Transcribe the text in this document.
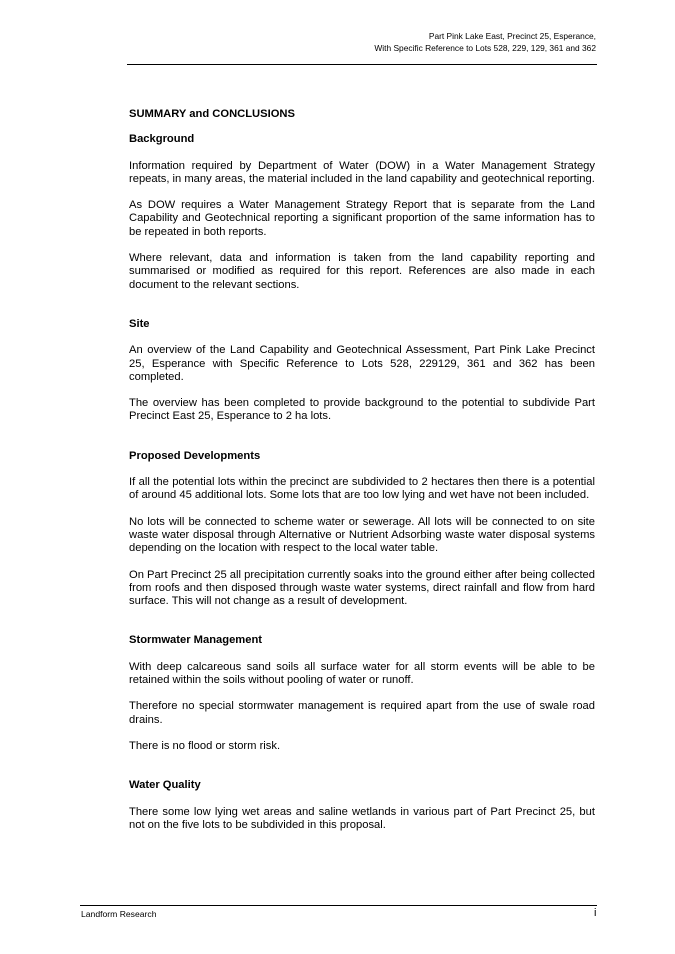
Part Pink Lake East, Precinct 25, Esperance,
With Specific Reference to Lots 528, 229, 129, 361 and 362
SUMMARY and CONCLUSIONS
Background

Information required by Department of Water (DOW) in a Water Management Strategy repeats, in many areas, the material included in the land capability and geotechnical reporting.

As DOW requires a Water Management Strategy Report that is separate from the Land Capability and Geotechnical reporting a significant proportion of the same information has to be repeated in both reports.

Where relevant, data and information is taken from the land capability reporting and summarised or modified as required for this report. References are also made in each document to the relevant sections.

Site

An overview of the Land Capability and Geotechnical Assessment, Part Pink Lake Precinct 25, Esperance with Specific Reference to Lots 528, 229129, 361 and 362 has been completed.

The overview has been completed to provide background to the potential to subdivide Part Precinct East 25, Esperance to 2 ha lots.

Proposed Developments

If all the potential lots within the precinct are subdivided to 2 hectares then there is a potential of around 45 additional lots. Some lots that are too low lying and wet have not been included.

No lots will be connected to scheme water or sewerage. All lots will be connected to on site waste water disposal through Alternative or Nutrient Adsorbing waste water disposal systems depending on the location with respect to the local water table.

On Part Precinct 25 all precipitation currently soaks into the ground either after being collected from roofs and then disposed through waste water systems, direct rainfall and flow from hard surface. This will not change as a result of development.

Stormwater Management

With deep calcareous sand soils all surface water for all storm events will be able to be retained within the soils without pooling of water or runoff.

Therefore no special stormwater management is required apart from the use of swale road drains.

There is no flood or storm risk.

Water Quality

There some low lying wet areas and saline wetlands in various part of Part Precinct 25, but not on the five lots to be subdivided in this proposal.

Landform Research	i
